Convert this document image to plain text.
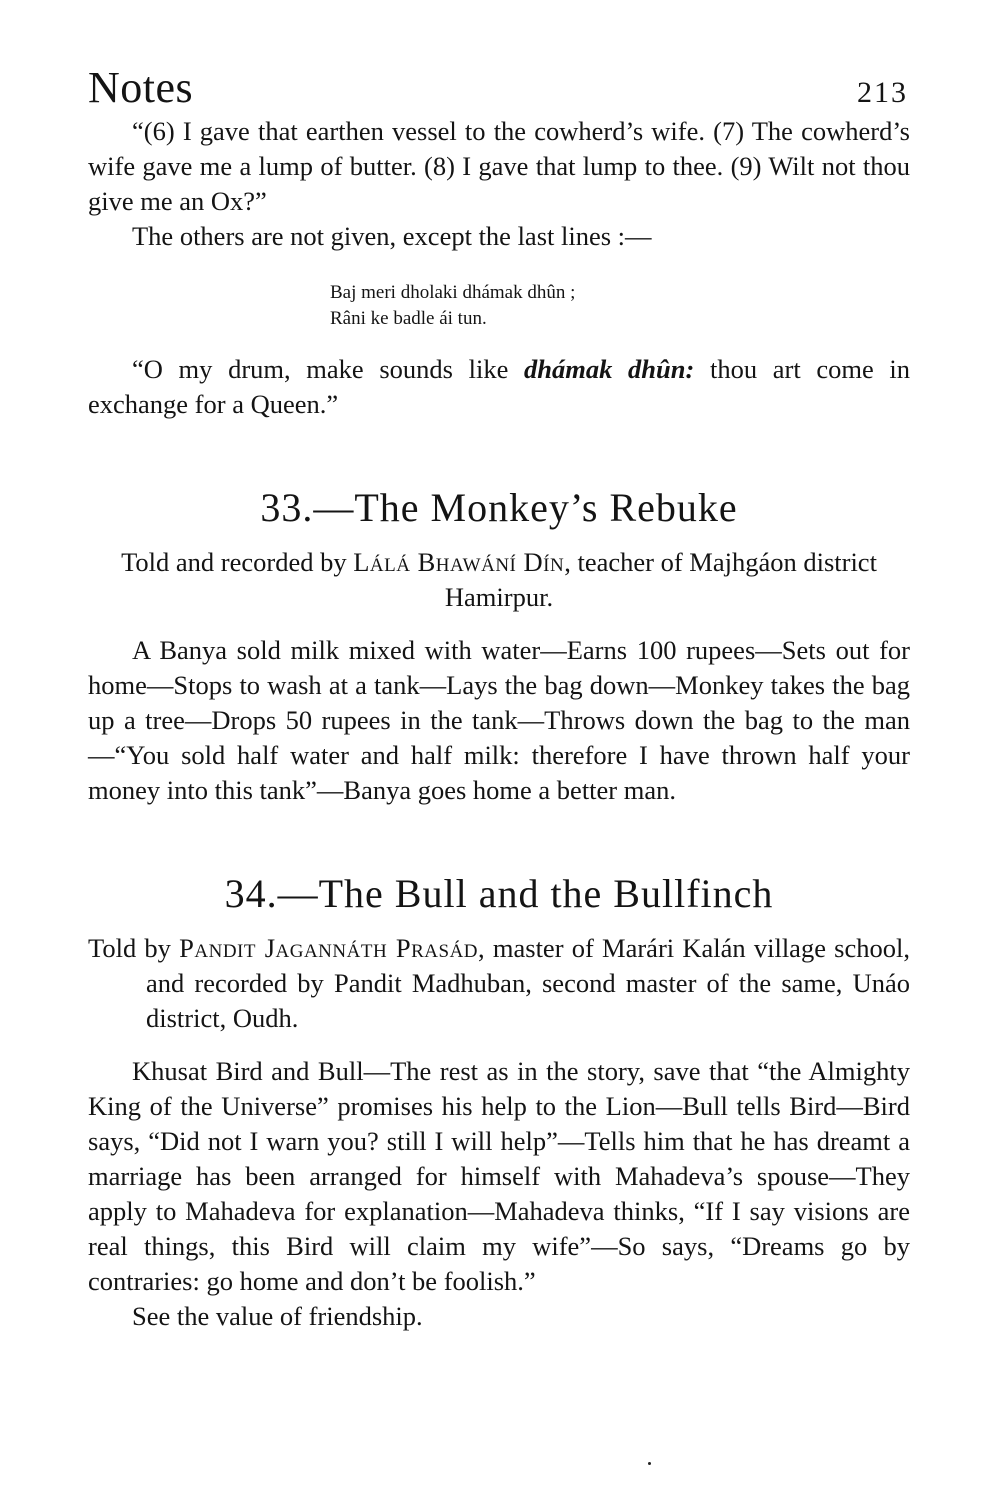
Notes	213

“(6) I gave that earthen vessel to the cowherd’s wife. (7) The cowherd’s wife gave me a lump of butter. (8) I gave that lump to thee. (9) Wilt not thou give me an Ox?”

The others are not given, except the last lines :—

Baj meri dholaki dhámak dhûn ;
Râni ke badle ái tun.

“O my drum, make sounds like dhámak dhûn: thou art come in exchange for a Queen.”

33.—The Monkey’s Rebuke
Told and recorded by Lálá Bhawání Dín, teacher of Majhgáon district Hamirpur.

A Banya sold milk mixed with water—Earns 100 rupees—Sets out for home—Stops to wash at a tank—Lays the bag down—Monkey takes the bag up a tree—Drops 50 rupees in the tank—Throws down the bag to the man—“You sold half water and half milk: therefore I have thrown half your money into this tank”—Banya goes home a better man.

34.—The Bull and the Bullfinch
Told by Pandit Jagannáth Prasád, master of Marári Kalán village school, and recorded by Pandit Madhuban, second master of the same, Unáo district, Oudh.

Khusat Bird and Bull—The rest as in the story, save that “the Almighty King of the Universe” promises his help to the Lion—Bull tells Bird—Bird says, “Did not I warn you? still I will help”—Tells him that he has dreamt a marriage has been arranged for himself with Mahadeva’s spouse—They apply to Mahadeva for explanation—Mahadeva thinks, “If I say visions are real things, this Bird will claim my wife”—So says, “Dreams go by contraries: go home and don’t be foolish.”

See the value of friendship.
